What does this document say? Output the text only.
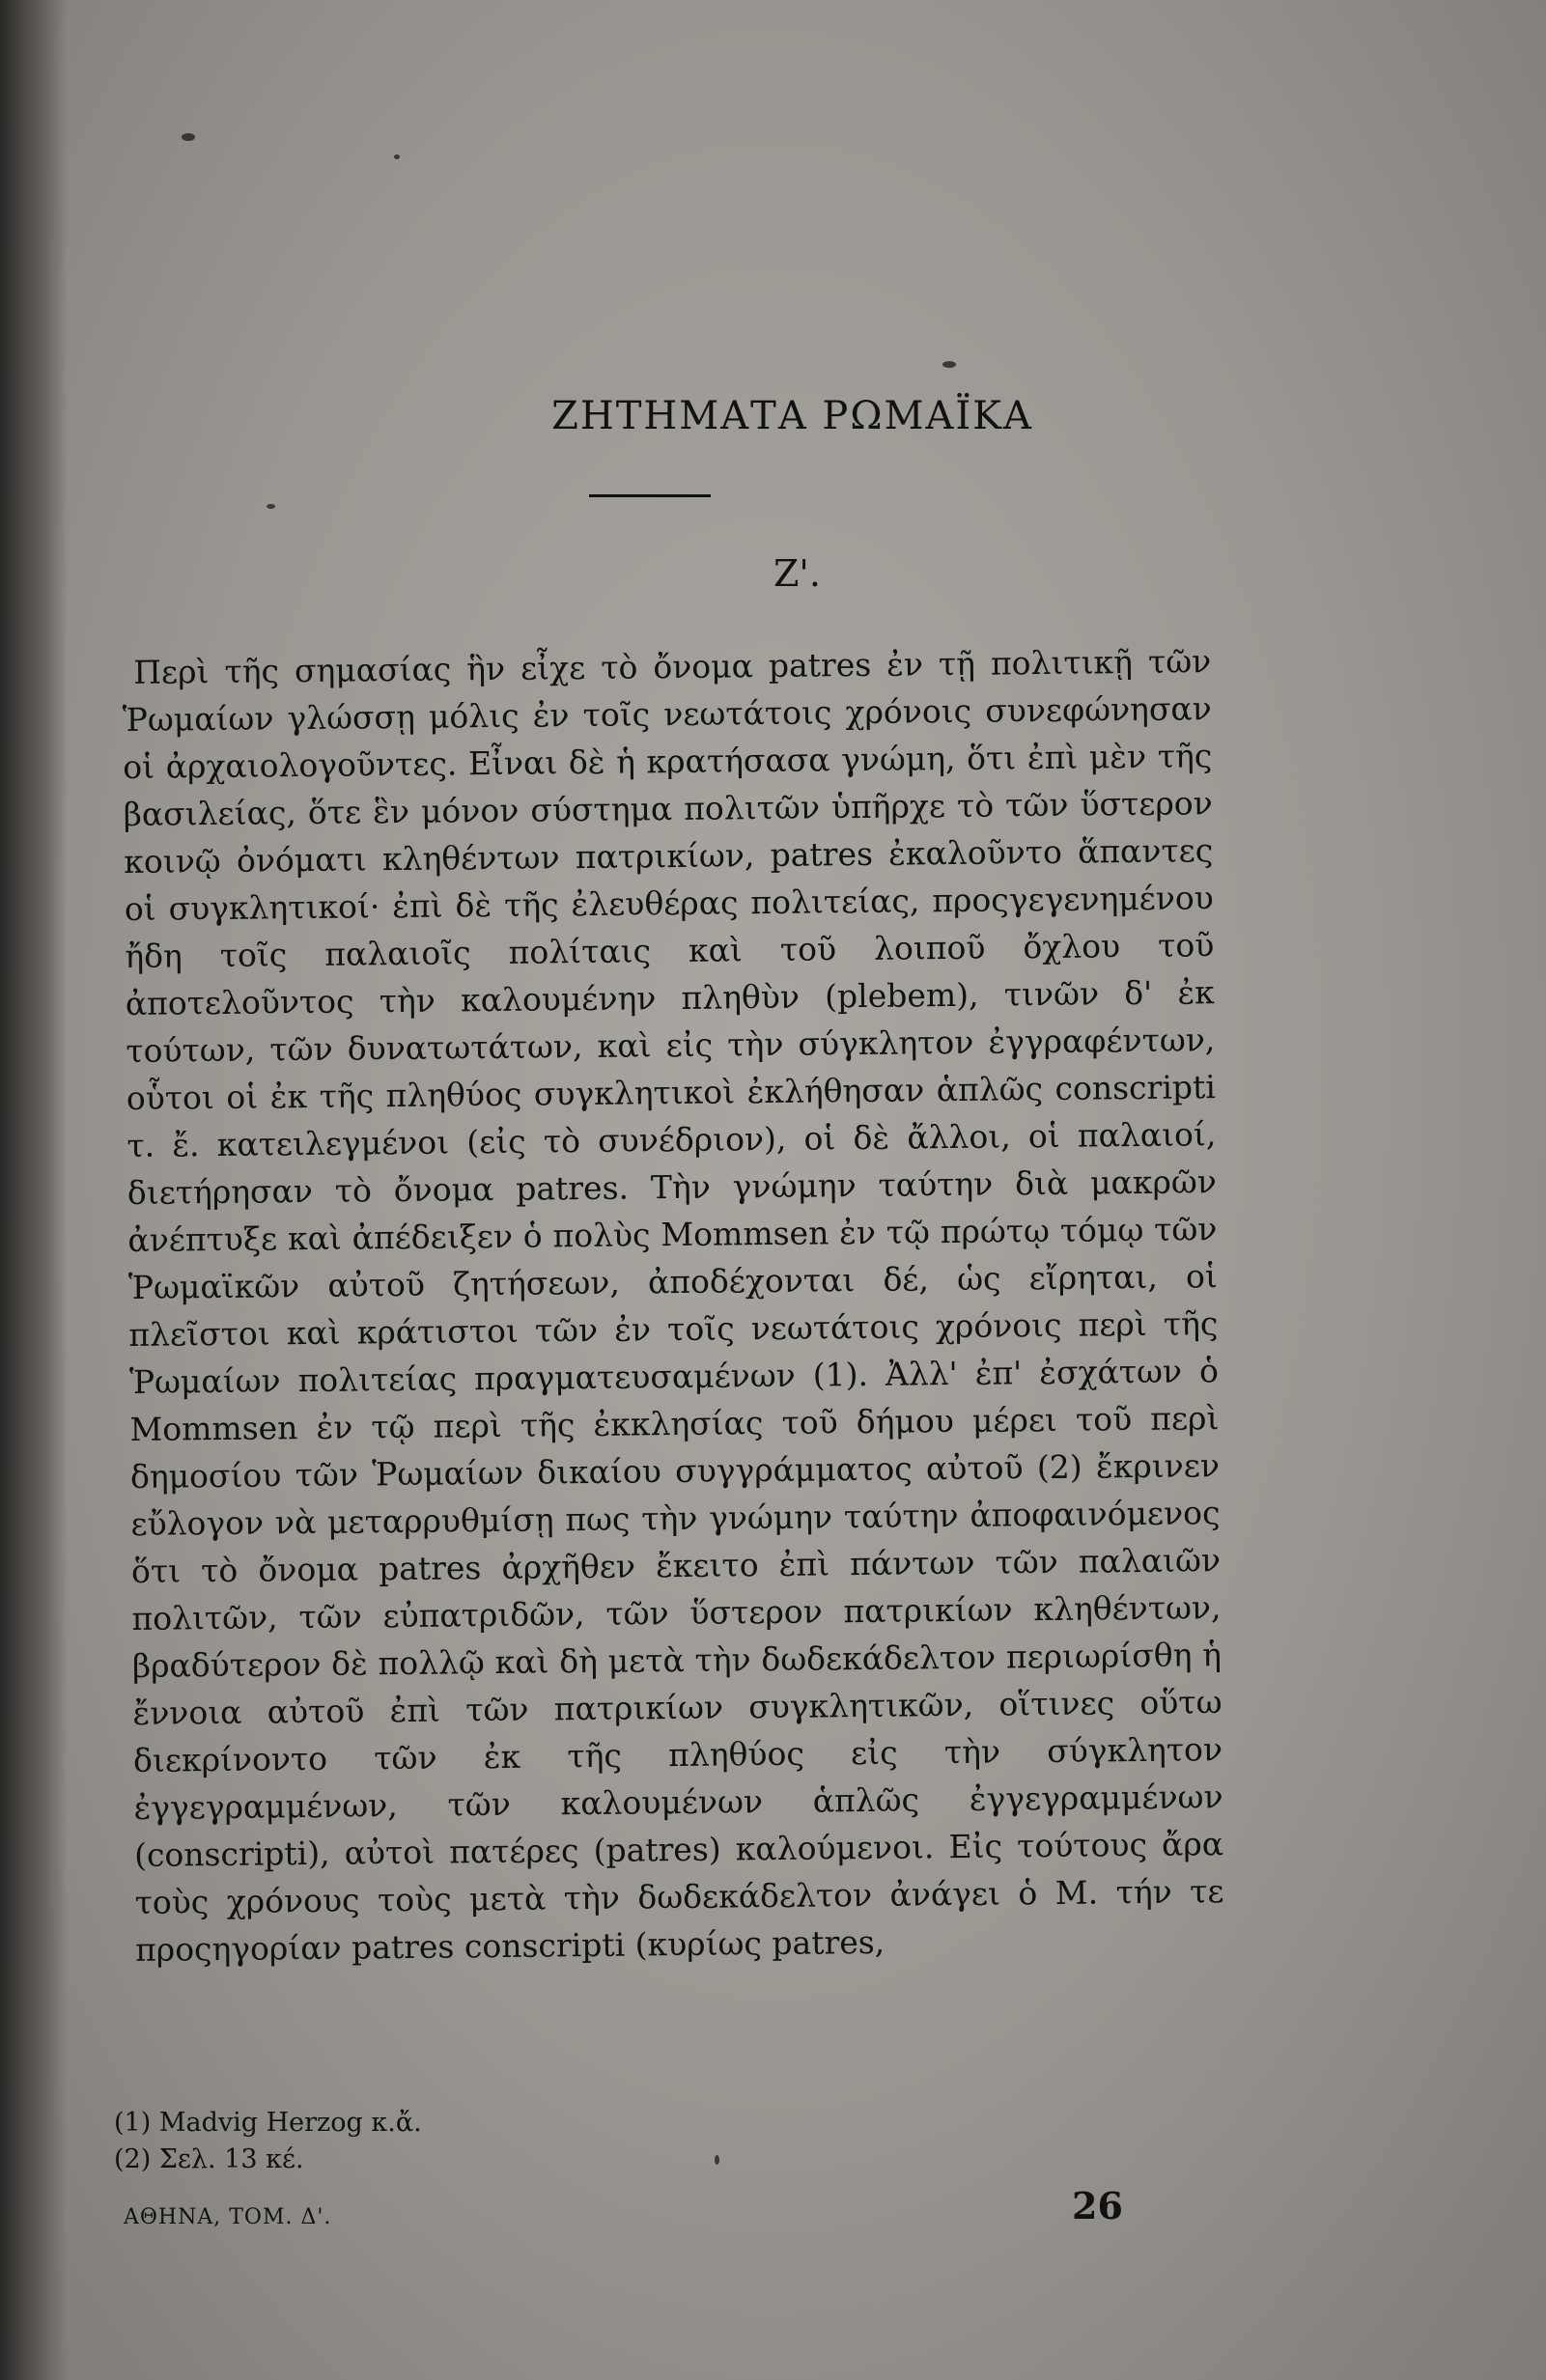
ΖΗΤΗΜΑΤΑ ΡΩΜΑΪΚΑ
Ζ'.

Περὶ τῆς σημασίας ἣν εἶχε τὸ ὄνομα patres ἐν τῇ πολιτικῇ τῶν Ῥωμαίων γλώσσῃ μόλις ἐν τοῖς νεωτάτοις χρόνοις συνεφώνησαν οἱ ἀρχαιολογοῦντες. Εἶναι δὲ ἡ κρατήσασα γνώμη, ὅτι ἐπὶ μὲν τῆς βασιλείας, ὅτε ἓν μόνον σύστημα πολιτῶν ὑπῆρχε τὸ τῶν ὕστερον κοινῷ ὀνόματι κληθέντων πατρικίων, patres ἐκαλοῦντο ἅπαντες οἱ συγκλητικοί· ἐπὶ δὲ τῆς ἐλευθέρας πολιτείας, προςγεγενημένου ἤδη τοῖς παλαιοῖς πολίταις καὶ τοῦ λοιποῦ ὄχλου τοῦ ἀποτελοῦντος τὴν καλουμένην πληθὺν (plebem), τινῶν δ' ἐκ τούτων, τῶν δυνατωτάτων, καὶ εἰς τὴν σύγκλητον ἐγγραφέντων, οὗτοι οἱ ἐκ τῆς πληθύος συγκλητικοὶ ἐκλήθησαν ἁπλῶς conscripti τ. ἔ. κατειλεγμένοι (εἰς τὸ συνέδριον), οἱ δὲ ἄλλοι, οἱ παλαιοί, διετήρησαν τὸ ὄνομα patres. Τὴν γνώμην ταύτην διὰ μακρῶν ἀνέπτυξε καὶ ἀπέδειξεν ὁ πολὺς Mommsen ἐν τῷ πρώτῳ τόμῳ τῶν Ῥωμαϊκῶν αὐτοῦ ζητήσεων, ἀποδέχονται δέ, ὡς εἴρηται, οἱ πλεῖστοι καὶ κράτιστοι τῶν ἐν τοῖς νεωτάτοις χρόνοις περὶ τῆς Ῥωμαίων πολιτείας πραγματευσαμένων (1). Ἀλλ' ἐπ' ἐσχάτων ὁ Mommsen ἐν τῷ περὶ τῆς ἐκκλησίας τοῦ δήμου μέρει τοῦ περὶ δημοσίου τῶν Ῥωμαίων δικαίου συγγράμματος αὐτοῦ (2) ἔκρινεν εὔλογον νὰ μεταρρυθμίσῃ πως τὴν γνώμην ταύτην ἀποφαινόμενος ὅτι τὸ ὄνομα patres ἀρχῆθεν ἔκειτο ἐπὶ πάντων τῶν παλαιῶν πολιτῶν, τῶν εὐπατριδῶν, τῶν ὕστερον πατρικίων κληθέντων, βραδύτερον δὲ πολλῷ καὶ δὴ μετὰ τὴν δωδεκάδελτον περιωρίσθη ἡ ἔννοια αὐτοῦ ἐπὶ τῶν πατρικίων συγκλητικῶν, οἵτινες οὕτω διεκρίνοντο τῶν ἐκ τῆς πληθύος εἰς τὴν σύγκλητον ἐγγεγραμμένων, τῶν καλουμένων ἁπλῶς ἐγγεγραμμένων (conscripti), αὐτοὶ πατέρες (patres) καλούμενοι. Εἰς τούτους ἄρα τοὺς χρόνους τοὺς μετὰ τὴν δωδεκάδελτον ἀνάγει ὁ Μ. τήν τε προςηγορίαν patres conscripti (κυρίως patres,

(1) Madvig Herzog κ.ἄ.
(2) Σελ. 13 κέ.
ΑΘΗΝΑ, ΤΟΜ. Δ'.	26
